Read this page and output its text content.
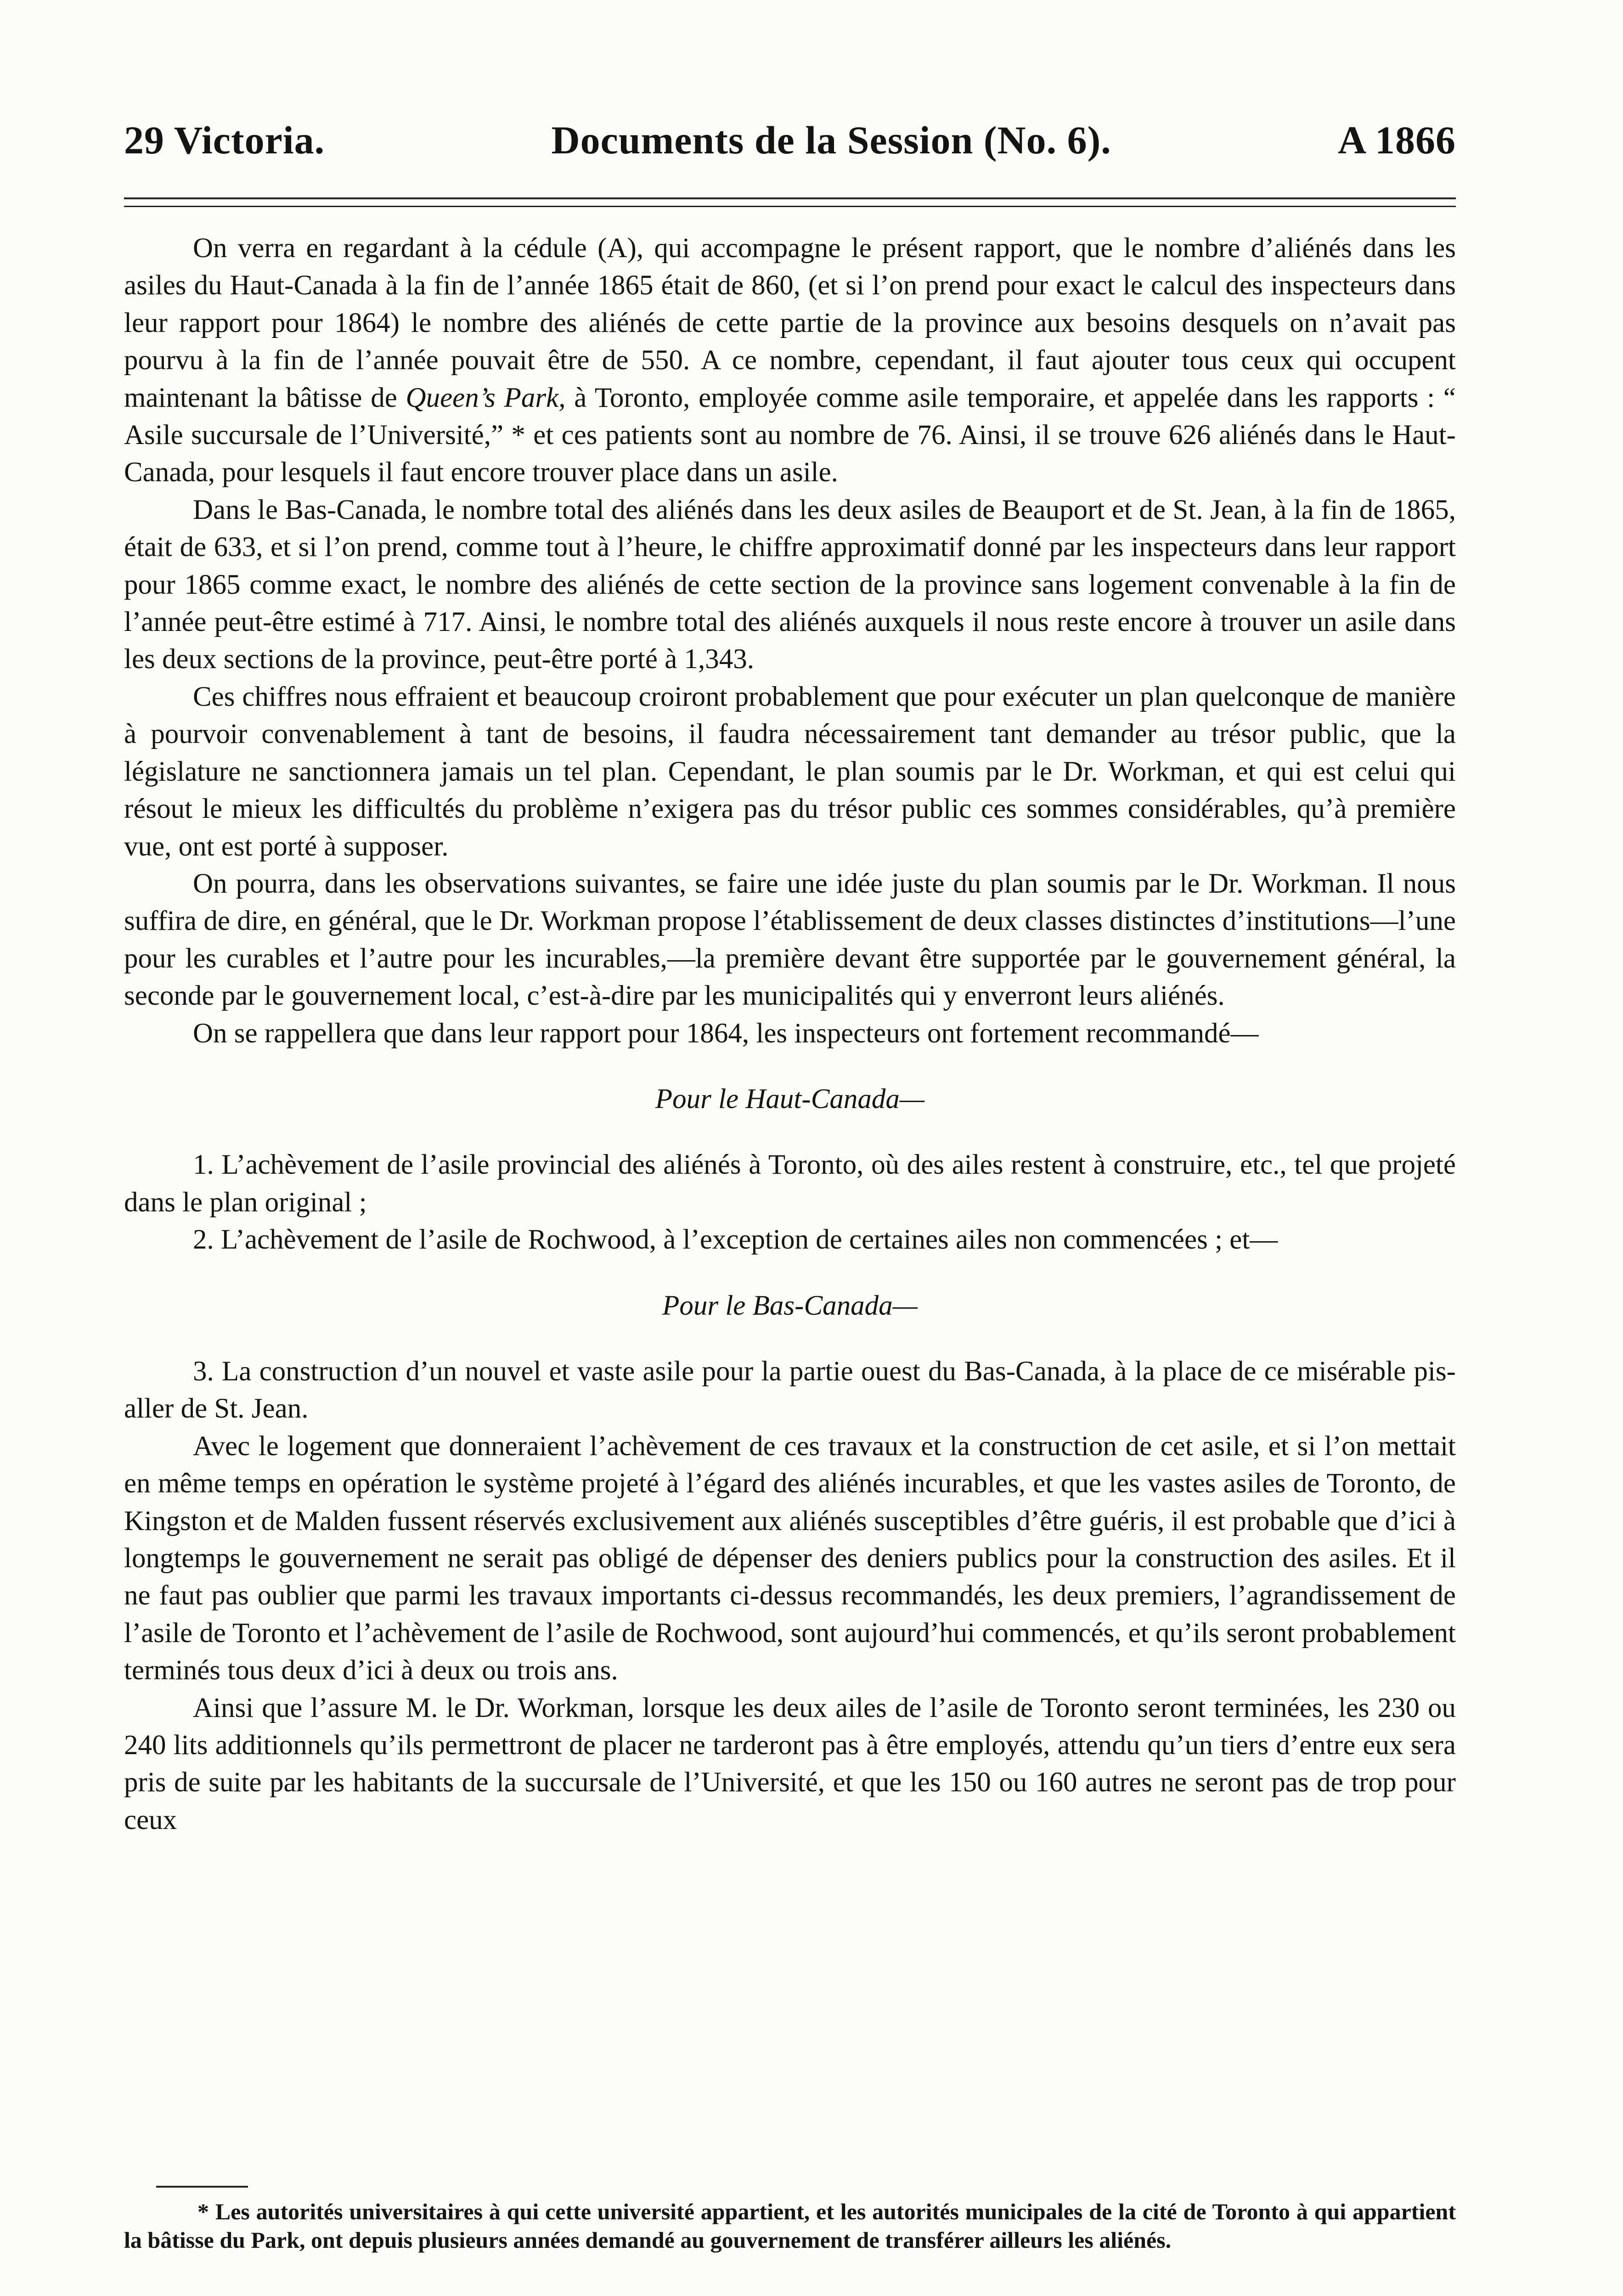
29 Victoria.	Documents de la Session (No. 6).	A 1866

On verra en regardant à la cédule (A), qui accompagne le présent rapport, que le nombre d’aliénés dans les asiles du Haut-Canada à la fin de l’année 1865 était de 860, (et si l’on prend pour exact le calcul des inspecteurs dans leur rapport pour 1864) le nombre des aliénés de cette partie de la province aux besoins desquels on n’avait pas pourvu à la fin de l’année pouvait être de 550. A ce nombre, cependant, il faut ajouter tous ceux qui occupent maintenant la bâtisse de Queen’s Park, à Toronto, employée comme asile temporaire, et appelée dans les rapports : “ Asile succursale de l’Université,” * et ces patients sont au nombre de 76. Ainsi, il se trouve 626 aliénés dans le Haut-Canada, pour lesquels il faut encore trouver place dans un asile.

Dans le Bas-Canada, le nombre total des aliénés dans les deux asiles de Beauport et de St. Jean, à la fin de 1865, était de 633, et si l’on prend, comme tout à l’heure, le chiffre approximatif donné par les inspecteurs dans leur rapport pour 1865 comme exact, le nombre des aliénés de cette section de la province sans logement convenable à la fin de l’année peut-être estimé à 717. Ainsi, le nombre total des aliénés auxquels il nous reste encore à trouver un asile dans les deux sections de la province, peut-être porté à 1,343.

Ces chiffres nous effraient et beaucoup croiront probablement que pour exécuter un plan quelconque de manière à pourvoir convenablement à tant de besoins, il faudra nécessairement tant demander au trésor public, que la législature ne sanctionnera jamais un tel plan. Cependant, le plan soumis par le Dr. Workman, et qui est celui qui résout le mieux les difficultés du problème n’exigera pas du trésor public ces sommes considérables, qu’à première vue, ont est porté à supposer.

On pourra, dans les observations suivantes, se faire une idée juste du plan soumis par le Dr. Workman. Il nous suffira de dire, en général, que le Dr. Workman propose l’établissement de deux classes distinctes d’institutions—l’une pour les curables et l’autre pour les incurables,—la première devant être supportée par le gouvernement général, la seconde par le gouvernement local, c’est-à-dire par les municipalités qui y enverront leurs aliénés.

On se rappellera que dans leur rapport pour 1864, les inspecteurs ont fortement recommandé—

Pour le Haut-Canada—

1. L’achèvement de l’asile provincial des aliénés à Toronto, où des ailes restent à construire, etc., tel que projeté dans le plan original ;

2. L’achèvement de l’asile de Rochwood, à l’exception de certaines ailes non commencées ; et—

Pour le Bas-Canada—

3. La construction d’un nouvel et vaste asile pour la partie ouest du Bas-Canada, à la place de ce misérable pis-aller de St. Jean.

Avec le logement que donneraient l’achèvement de ces travaux et la construction de cet asile, et si l’on mettait en même temps en opération le système projeté à l’égard des aliénés incurables, et que les vastes asiles de Toronto, de Kingston et de Malden fussent réservés exclusivement aux aliénés susceptibles d’être guéris, il est probable que d’ici à longtemps le gouvernement ne serait pas obligé de dépenser des deniers publics pour la construction des asiles. Et il ne faut pas oublier que parmi les travaux importants ci-dessus recommandés, les deux premiers, l’agrandissement de l’asile de Toronto et l’achèvement de l’asile de Rochwood, sont aujourd’hui commencés, et qu’ils seront probablement terminés tous deux d’ici à deux ou trois ans.

Ainsi que l’assure M. le Dr. Workman, lorsque les deux ailes de l’asile de Toronto seront terminées, les 230 ou 240 lits additionnels qu’ils permettront de placer ne tarderont pas à être employés, attendu qu’un tiers d’entre eux sera pris de suite par les habitants de la succursale de l’Université, et que les 150 ou 160 autres ne seront pas de trop pour ceux

* Les autorités universitaires à qui cette université appartient, et les autorités municipales de la cité de Toronto à qui appartient la bâtisse du Park, ont depuis plusieurs années demandé au gouvernement de transférer ailleurs les aliénés.
